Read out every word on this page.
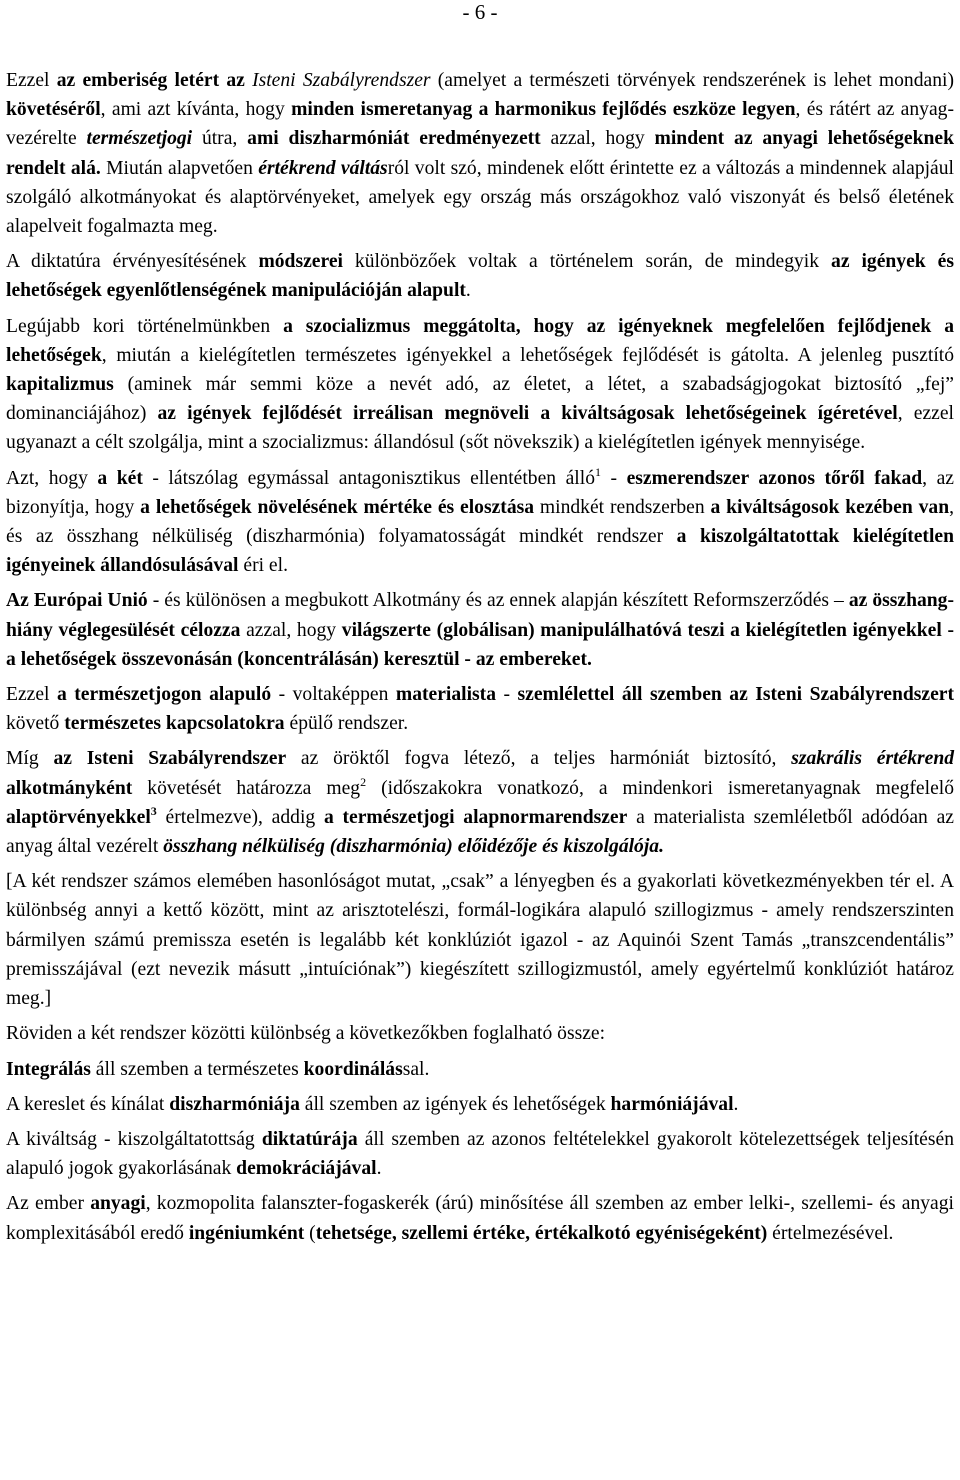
- 6 -

Ezzel az emberiség letért az Isteni Szabályrendszer (amelyet a természeti törvények rendszerének is lehet mondani) követéséről, ami azt kívánta, hogy minden ismeretanyag a harmonikus fejlődés eszköze legyen, és rátért az anyag-vezérelte természetjogi útra, ami diszharmóniát eredményezett azzal, hogy mindent az anyagi lehetőségeknek rendelt alá. Miután alapvetően értékrend váltásról volt szó, mindenek előtt érintette ez a változás a mindennek alapjául szolgáló alkotmányokat és alaptörvényeket, amelyek egy ország más országokhoz való viszonyát és belső életének alapelveit fogalmazta meg.

A diktatúra érvényesítésének módszerei különbözőek voltak a történelem során, de mindegyik az igények és lehetőségek egyenlőtlenségének manipulációján alapult.

Legújabb kori történelmünkben a szocializmus meggátolta, hogy az igényeknek megfelelően fejlődjenek a lehetőségek, miután a kielégítetlen természetes igényekkel a lehetőségek fejlődését is gátolta. A jelenleg pusztító kapitalizmus (aminek már semmi köze a nevét adó, az életet, a létet, a szabadságjogokat biztosító „fej” dominanciájához) az igények fejlődését irreálisan megnöveli a kiváltságosak lehetőségeinek ígéretével, ezzel ugyanazt a célt szolgálja, mint a szocializmus: állandósul (sőt növekszik) a kielégítetlen igények mennyisége.

Azt, hogy a két - látszólag egymással antagonisztikus ellentétben álló$^1$ - eszmerendszer azonos tőről fakad, az bizonyítja, hogy a lehetőségek növelésének mértéke és elosztása mindkét rendszerben a kiváltságosok kezében van, és az összhang nélküliség (diszharmónia) folyamatosságát mindkét rendszer a kiszolgáltatottak kielégítetlen igényeinek állandósulásával éri el.

Az Európai Unió - és különösen a megbukott Alkotmány és az ennek alapján készített Reformszerződés – az összhang-hiány véglegesülését célozza azzal, hogy világszerte (globálisan) manipulálhatóvá teszi a kielégítetlen igényekkel - a lehetőségek összevonásán (koncentrálásán) keresztül - az embereket.

Ezzel a természetjogon alapuló - voltaképpen materialista - szemlélettel áll szemben az Isteni Szabályrendszert követő természetes kapcsolatokra épülő rendszer.

Míg az Isteni Szabályrendszer az öröktől fogva létező, a teljes harmóniát biztosító, szakrális értékrend alkotmányként követését határozza meg$^2$ (időszakokra vonatkozó, a mindenkori ismeretanyagnak megfelelő alaptörvényekkel$^3$ értelmezve), addig a természetjogi alapnormarendszer a materialista szemléletből adódóan az anyag által vezérelt összhang nélküliség (diszharmónia) előidézője és kiszolgálója.

[A két rendszer számos elemében hasonlóságot mutat, „csak” a lényegben és a gyakorlati következményekben tér el. A különbség annyi a kettő között, mint az arisztotelészi, formál-logikára alapuló szillogizmus - amely rendszerszinten bármilyen számú premissza esetén is legalább két konklúziót igazol - az Aquinói Szent Tamás „transzcendentális” premisszájával (ezt nevezik másutt „intuíciónak”) kiegészített szillogizmustól, amely egyértelmű konklúziót határoz meg.]

Röviden a két rendszer közötti különbség a következőkben foglalható össze:

Integrálás áll szemben a természetes koordinálással.

A kereslet és kínálat diszharmóniája áll szemben az igények és lehetőségek harmóniájával.

A kiváltság - kiszolgáltatottság diktatúrája áll szemben az azonos feltételekkel gyakorolt kötelezettségek teljesítésén alapuló jogok gyakorlásának demokráciájával.

Az ember anyagi, kozmopolita falanszter-fogaskerék (árú) minősítése áll szemben az ember lelki-, szellemi- és anyagi komplexitásából eredő ingéniumként (tehetsége, szellemi értéke, értékalkotó egyéniségeként) értelmezésével.
